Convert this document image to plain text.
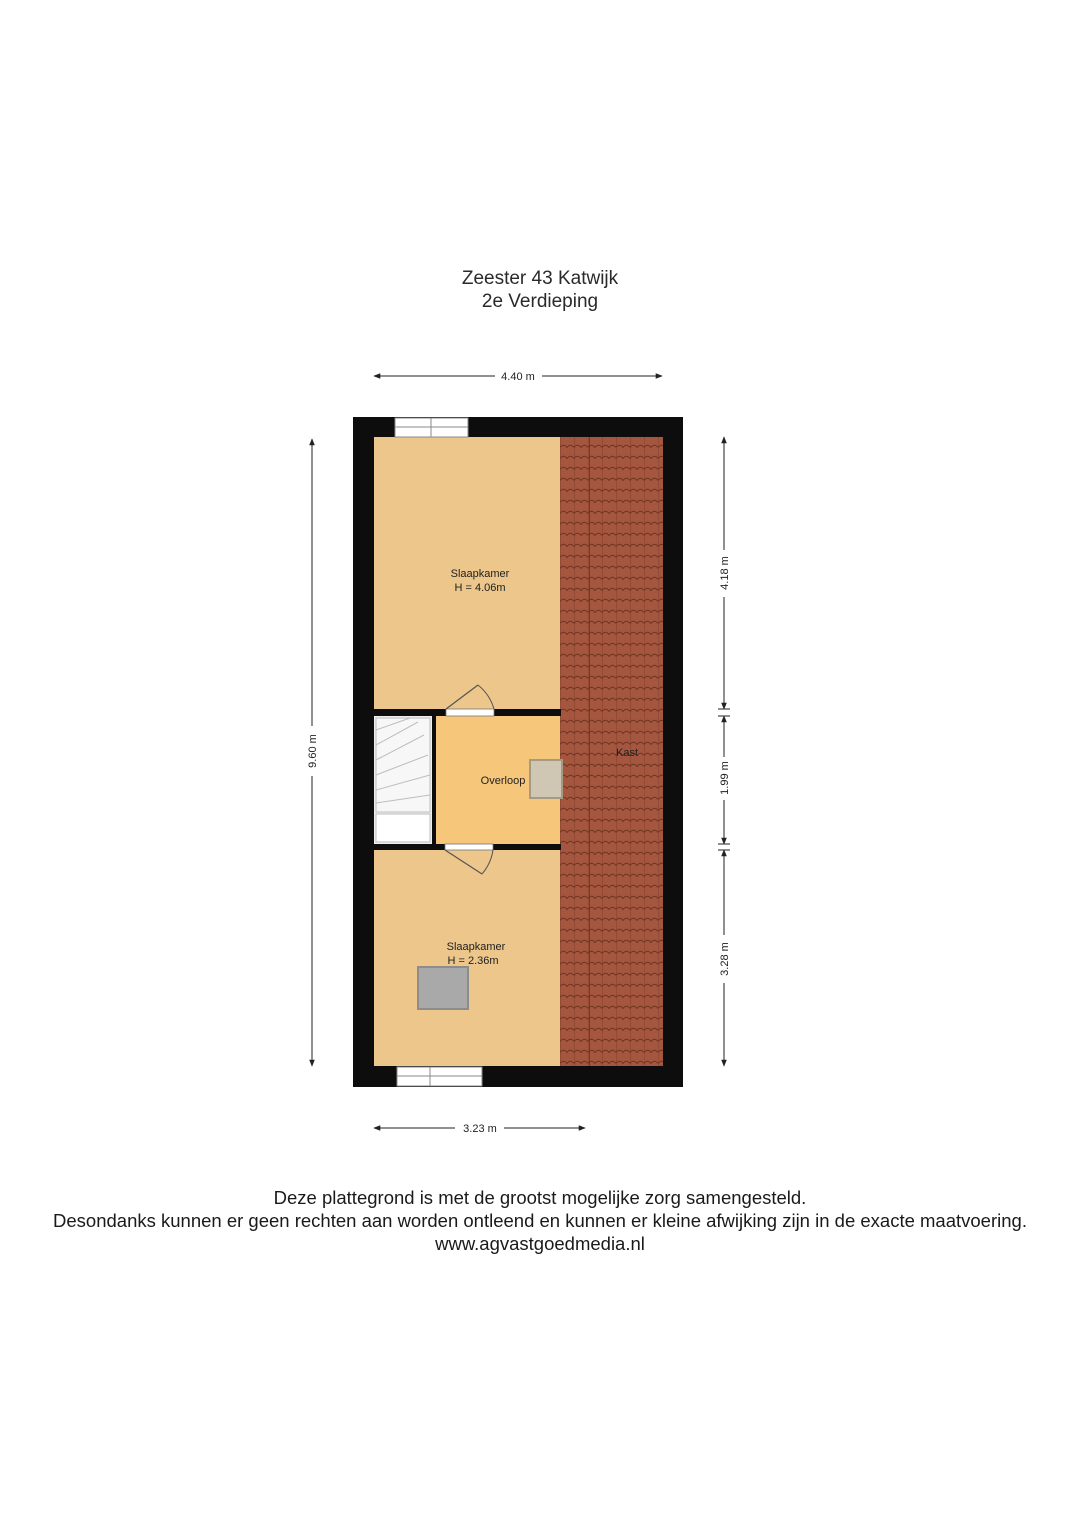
Zeester 43 Katwijk
2e Verdieping
Slaapkamer
H = 4.06m
Overloop
Kast
Slaapkamer
H = 2.36m
4.40 m
3.23 m
9.60 m
4.18 m
1.99 m
3.28 m
Deze plattegrond is met de grootst mogelijke zorg samengesteld.
Desondanks kunnen er geen rechten aan worden ontleend en kunnen er kleine afwijking zijn in de exacte maatvoering.
www.agvastgoedmedia.nl
